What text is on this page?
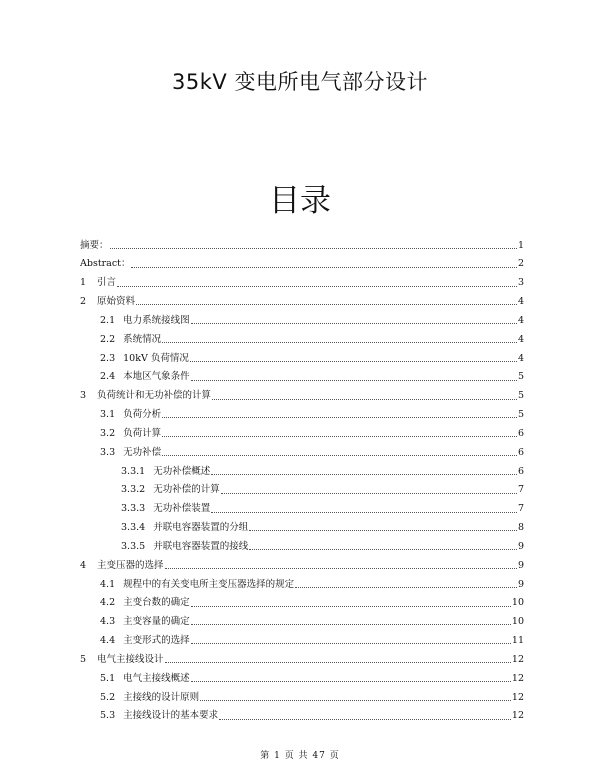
35kV 变电所电气部分设计
目录
摘要：	1
Abstract：	2
1	引言	3
2	原始资料	4
2.1 电力系统接线图	4
2.2 系统情况	4
2.3 10kV 负荷情况	4
2.4 本地区气象条件	5
3	负荷统计和无功补偿的计算	5
3.1 负荷分析	5
3.2 负荷计算	6
3.3 无功补偿	6
3.3.1 无功补偿概述	6
3.3.2 无功补偿的计算	7
3.3.3 无功补偿装置	7
3.3.4 并联电容器装置的分组	8
3.3.5 并联电容器装置的接线	9
4	主变压器的选择	9
4.1 规程中的有关变电所主变压器选择的规定	9
4.2 主变台数的确定	10
4.3 主变容量的确定	10
4.4 主变形式的选择	11
5	电气主接线设计	12
5.1 电气主接线概述	12
5.2 主接线的设计原则	12
5.3 主接线设计的基本要求	12
第 1 页 共 47 页
